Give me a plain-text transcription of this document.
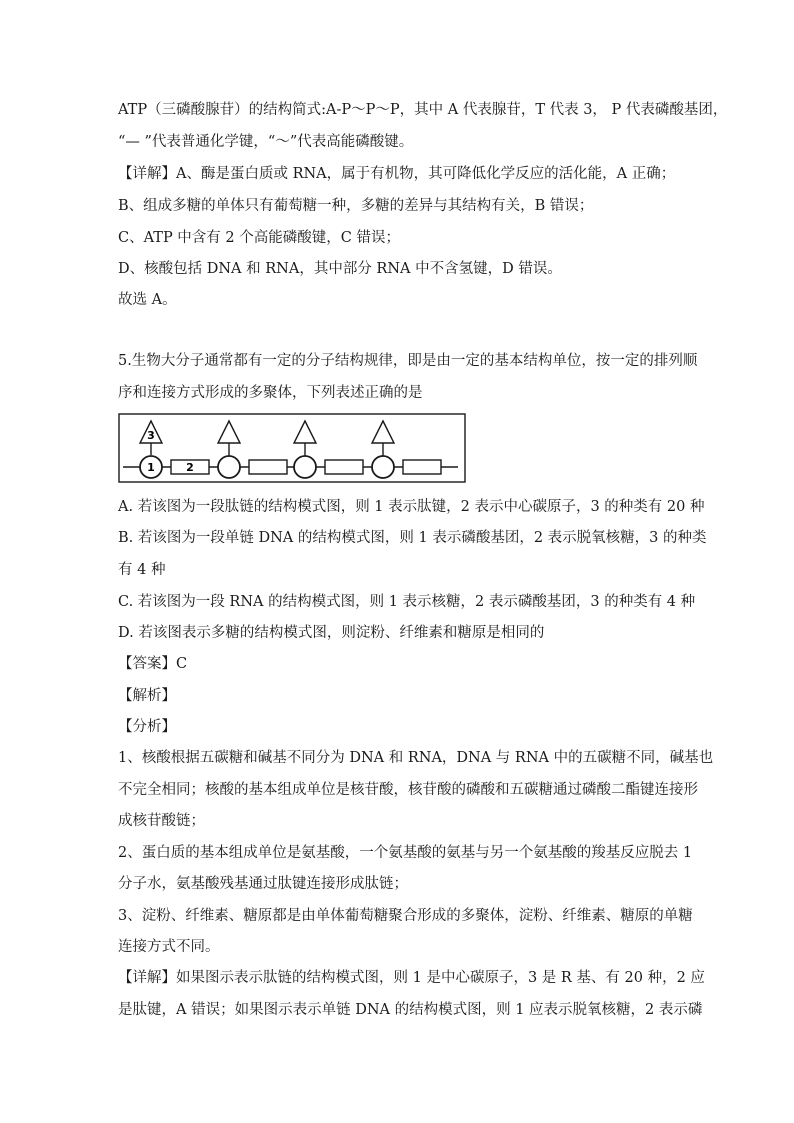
ATP（三磷酸腺苷）的结构简式:A-P～P～P，其中 A 代表腺苷，T 代表 3， P 代表磷酸基团，
“— ”代表普通化学键，“～”代表高能磷酸键。
【详解】A、酶是蛋白质或 RNA，属于有机物，其可降低化学反应的活化能，A 正确；
B、组成多糖的单体只有葡萄糖一种，多糖的差异与其结构有关，B 错误；
C、ATP 中含有 2 个高能磷酸键，C 错误；
D、核酸包括 DNA 和 RNA，其中部分 RNA 中不含氢键，D 错误。
故选 A。
5.生物大分子通常都有一定的分子结构规律，即是由一定的基本结构单位，按一定的排列顺
序和连接方式形成的多聚体，下列表述正确的是
3
1	2
A. 若该图为一段肽链的结构模式图，则 1 表示肽键，2 表示中心碳原子，3 的种类有 20 种
B. 若该图为一段单链 DNA 的结构模式图，则 1 表示磷酸基团，2 表示脱氧核糖，3 的种类
有 4 种
C. 若该图为一段 RNA 的结构模式图，则 1 表示核糖，2 表示磷酸基团，3 的种类有 4 种
D. 若该图表示多糖的结构模式图，则淀粉、纤维素和糖原是相同的
【答案】C
【解析】
【分析】
1、核酸根据五碳糖和碱基不同分为 DNA 和 RNA，DNA 与 RNA 中的五碳糖不同，碱基也
不完全相同；核酸的基本组成单位是核苷酸，核苷酸的磷酸和五碳糖通过磷酸二酯键连接形
成核苷酸链；
2、蛋白质的基本组成单位是氨基酸，一个氨基酸的氨基与另一个氨基酸的羧基反应脱去 1
分子水，氨基酸残基通过肽键连接形成肽链；
3、淀粉、纤维素、糖原都是由单体葡萄糖聚合形成的多聚体，淀粉、纤维素、糖原的单糖
连接方式不同。
【详解】如果图示表示肽链的结构模式图，则 1 是中心碳原子，3 是 R 基、有 20 种，2 应
是肽键，A 错误；如果图示表示单链 DNA 的结构模式图，则 1 应表示脱氧核糖，2 表示磷
